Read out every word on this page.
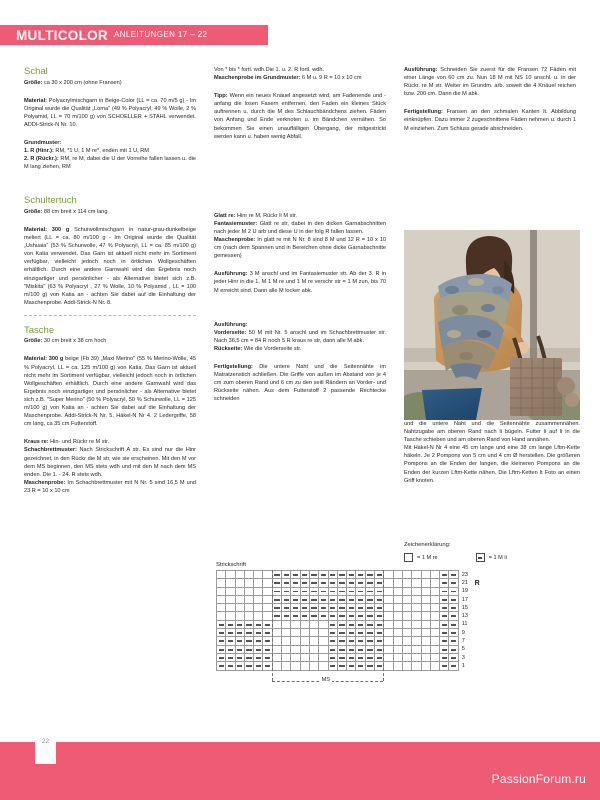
MULTICOLOR ANLEITUNGEN 17 – 22
Schal

Größe: ca 30 x 200 cm (ohne Fransen)

Material: Polyacrylmischgarn in Beige-Color (LL = ca. 70 m/5 g) - Im Original wurde die Qualität „Lorna" (49 % Polyacryl, 49 % Wolle, 2 % Polyamid, LL = 70 m/100 g) von SCHOELLER + STAHL verwendet. ADDI-Strick-N Nr. 10.

Grundmuster:

1. R (Hinr.): RM, *1 U, 1 M re*, enden mit 1 U, RM

2. R (Rückr.): RM, re M, dabei die U der Vorreihe fallen lassen u. die M lang ziehen, RM

Schultertuch

Größe: 88 cm breit x 114 cm lang

Material: 300 g Schurwollmischgarn in natur-grau-dunkelbeige meliert (LL = ca. 80 m/100 g - Im Original wurde die Qualität „Ushuaia" (53 % Schurwolle, 47 % Polyacryl, LL = ca. 85 m/100 g) von Katia verwendet. Das Garn ist aktuell nicht mehr im Sortiment verfügbar, vielleicht jedoch noch in örtlichen Wollgeschäften erhältlich. Durch eine andere Garnwahl wird das Ergebnis noch einzigartiger und persönlicher - als Alternative bietet sich z.B. "Miskita" (63 % Polyacryl , 27 % Wolle, 10 % Polyamid , LL = 100 m/100 g) von Katia an - achten Sie dabei auf die Einhaltung der Maschenprobe. Addi-Strick-N Nr. 8.

Tasche

Größe: 30 cm breit x 38 cm hoch

Material: 300 g beige (Fb 39) „Maxi Merino" (55 % Merino-Wolle, 45 % Polyacryl, LL = ca. 125 m/100 g) von Katia. Das Garn ist aktuell nicht mehr im Sortiment verfügbar, vielleicht jedoch noch in örtlichen Wollgeschäften erhältlich. Durch eine andere Garnwahl wird das Ergebnis noch einzigartiger und persönlicher - als Alternative bietet sich z.B. "Super Merino" (50 % Polyacryl, 50 % Schurwolle, LL = 125 m/100 g) von Katia an - achten Sie dabei auf die Einhaltung der Maschenprobe. Addi-Strick-N Nr. 5, Häkel-N Nr 4. 2 Ledergriffe, 58 cm lang, ca 35 cm Futterstoff.

Kraus re: Hin- und Rückr re M str.

Schachbrettmuster: Nach Strickschrift A str. Es sind nur die Hinr gezeichnet, in den Rückr die M str, wie sie erscheinen. Mit den M vor dem MS beginnen, den MS stets wdh und mit den M nach dem MS enden. Die 1. - 24. R stets wdh.

Maschenprobe: Im Schachbrettmuster mit N Nr. 5 sind 16,5 M und 23 R = 10 x 10 cm

Von * bis * fortl. wdh.Die 1. u. 2. R fortl. wdh.

Maschenprobe im Grundmuster: 6 M u. 9 R = 10 x 10 cm

Tipp: Wenn ein neues Knäuel angesetzt wird, am Fadenende und -anfang die losen Fasern entfernen, den Faden ein kleines Stück auftrennen u. durch die M des Schlauchbändchens ziehen. Fäden von Anfang und Ende verknoten u. im Bändchen vernähen. So bekommen Sie einen unauffälligen Übergang, der mitgestrickt werden kann u. haben wenig Abfall.

Glatt re: Hinr re M, Rückr li M str.

Fantasiemuster: Glatt re str, dabei in den dicken Garnabschnitten nach jeder M 2 U arb und diese U in der folg R fallen lassen.

Maschenprobe: In glatt re mit N Nr. 8 sind 8 M und 12 R = 10 x 10 cm (nach dem Spannen und in Bereichen ohne dicke Garnabschnitte gemessen)

Ausführung: 3 M anschl und im Fantasiemuster str. Ab der 3. R in jeder Hinr in die 1. M 1 M re und 1 M re verschr str = 1 M zun, bis 70 M erreicht sind. Dann alle M locker abk.

Ausführung:

Vorderseite: 50 M mit Nr. 5 anschl und im Schachbrettmuster str. Nach 36,5 cm = 84 R noch 5 R kraus re str, dann alle M abk.

Rückseite: Wie die Vorderseite str.

Fertigstellung: Die untere Naht und die Seitennähte im Matratzenstich schließen. Die Griffe von außen im Abstand von je 4 cm zum oberen Rand und 6 cm zu den seitl Rändern an Vorder- und Rückseite nähen. Aus dem Futterstoff 2 passende Rechtecke schneiden

Ausführung: Schneiden Sie zuerst für die Fransen 72 Fäden mit einer Länge von 60 cm zu. Nun 18 M mit NS 10 anschl. u. in der Rückr. re M str. Weiter im Grundm. arb. soweit die 4 Knäuel reichen bzw. 200 cm. Dann die M abk.

Fertigstellung: Fransen an den schmalen Kanten lt. Abbildung einknüpfen. Dazu immer 2 zugeschnittene Fäden nehmen u. durch 1 M einziehen. Zum Schluss gerade abschneiden.

und die untere Naht und die Seitennähte zusammennähen. Nahtzugabe am oberen Rand nach li bügeln. Futter li auf li in die Tasche schieben und am oberen Rand von Hand annähen.

Mit Häkel-N Nr 4 eine 45 cm lange und eine 38 cm lange Lftm-Kette häkeln. Je 2 Pompons von 5 cm und 4 cm Ø herstellen. Die größeren Pompons an die Enden der langen, die kleineren Pompons an die Enden der kurzen Lftm-Kette nähen. Die Lftm-Ketten lt Foto an einen Griff knoten.

Zeichenerklärung:
= 1 M re	= 1 M li
Strickschrift
																										23
																										21
																										19
																										17
																										15
																										13
																										11
																										9
																										7
																										5
																										3
																										1
R
MS
22
PassionForum.ru
